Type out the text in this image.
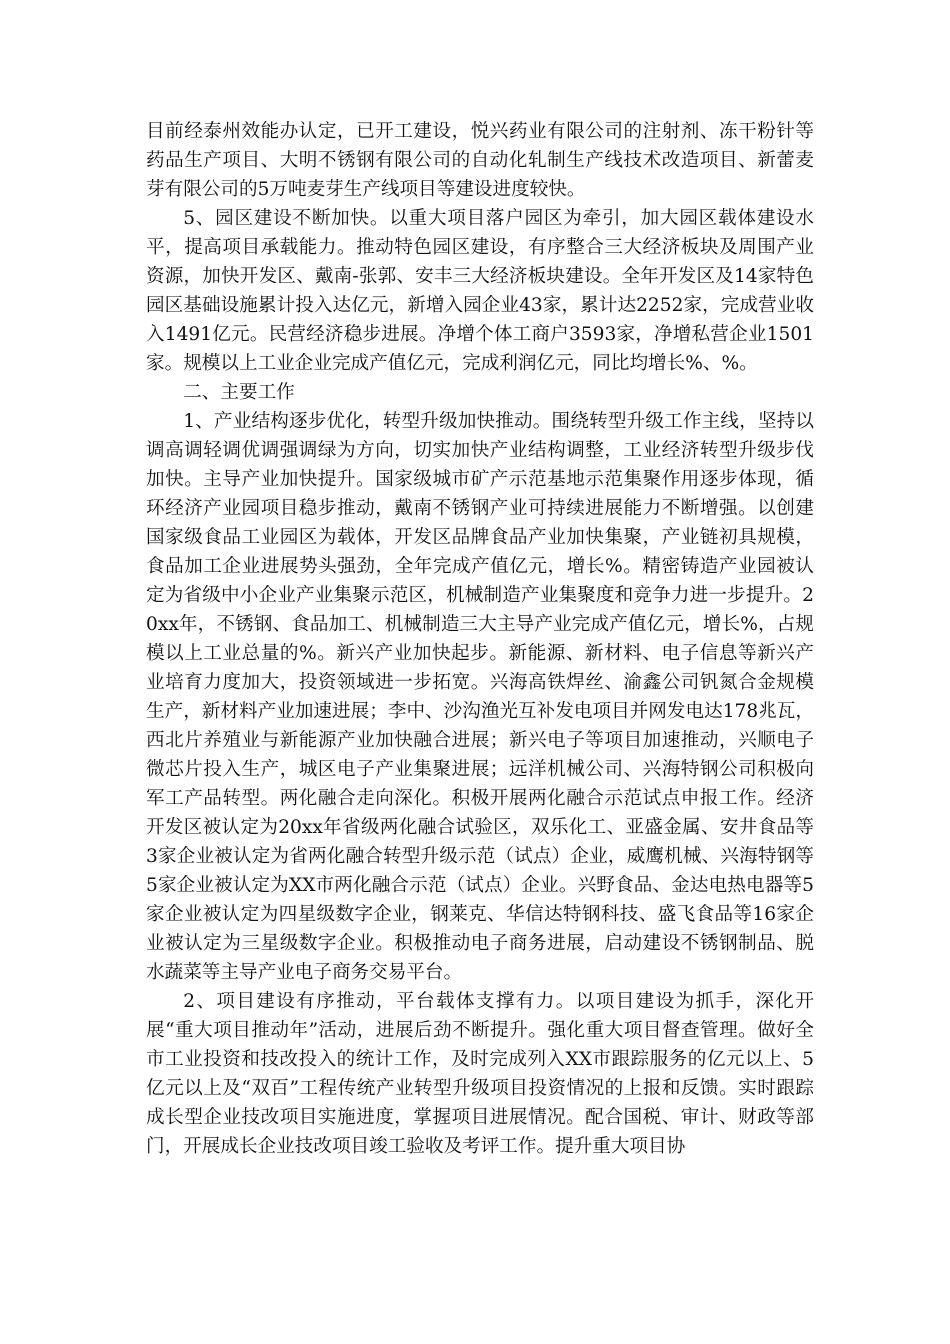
目前经泰州效能办认定，已开工建设，悦兴药业有限公司的注射剂、冻干粉针等药品生产项目、大明不锈钢有限公司的自动化轧制生产线技术改造项目、新蕾麦芽有限公司的5万吨麦芽生产线项目等建设进度较快。

5、园区建设不断加快。以重大项目落户园区为牵引，加大园区载体建设水平，提高项目承载能力。推动特色园区建设，有序整合三大经济板块及周围产业资源，加快开发区、戴南-张郭、安丰三大经济板块建设。全年开发区及14家特色园区基础设施累计投入达亿元，新增入园企业43家，累计达2252家，完成营业收入1491亿元。民营经济稳步进展。净增个体工商户3593家，净增私营企业1501家。规模以上工业企业完成产值亿元，完成利润亿元，同比均增长%、%。

二、主要工作

1、产业结构逐步优化，转型升级加快推动。围绕转型升级工作主线，坚持以调高调轻调优调强调绿为方向，切实加快产业结构调整，工业经济转型升级步伐加快。主导产业加快提升。国家级城市矿产示范基地示范集聚作用逐步体现，循环经济产业园项目稳步推动，戴南不锈钢产业可持续进展能力不断增强。以创建国家级食品工业园区为载体，开发区品牌食品产业加快集聚，产业链初具规模，食品加工企业进展势头强劲，全年完成产值亿元，增长%。精密铸造产业园被认定为省级中小企业产业集聚示范区，机械制造产业集聚度和竞争力进一步提升。20xx年，不锈钢、食品加工、机械制造三大主导产业完成产值亿元，增长%，占规模以上工业总量的%。新兴产业加快起步。新能源、新材料、电子信息等新兴产业培育力度加大，投资领域进一步拓宽。兴海高铁焊丝、渝鑫公司钒氮合金规模生产，新材料产业加速进展；李中、沙沟渔光互补发电项目并网发电达178兆瓦，西北片养殖业与新能源产业加快融合进展；新兴电子等项目加速推动，兴顺电子微芯片投入生产，城区电子产业集聚进展；远洋机械公司、兴海特钢公司积极向军工产品转型。两化融合走向深化。积极开展两化融合示范试点申报工作。经济开发区被认定为20xx年省级两化融合试验区，双乐化工、亚盛金属、安井食品等3家企业被认定为省两化融合转型升级示范（试点）企业，威鹰机械、兴海特钢等5家企业被认定为XX市两化融合示范（试点）企业。兴野食品、金达电热电器等5家企业被认定为四星级数字企业，钢莱克、华信达特钢科技、盛飞食品等16家企业被认定为三星级数字企业。积极推动电子商务进展，启动建设不锈钢制品、脱水蔬菜等主导产业电子商务交易平台。

2、项目建设有序推动，平台载体支撑有力。以项目建设为抓手，深化开展“重大项目推动年”活动，进展后劲不断提升。强化重大项目督查管理。做好全市工业投资和技改投入的统计工作，及时完成列入XX市跟踪服务的亿元以上、5亿元以上及“双百”工程传统产业转型升级项目投资情况的上报和反馈。实时跟踪成长型企业技改项目实施进度，掌握项目进展情况。配合国税、审计、财政等部门，开展成长企业技改项目竣工验收及考评工作。提升重大项目协
